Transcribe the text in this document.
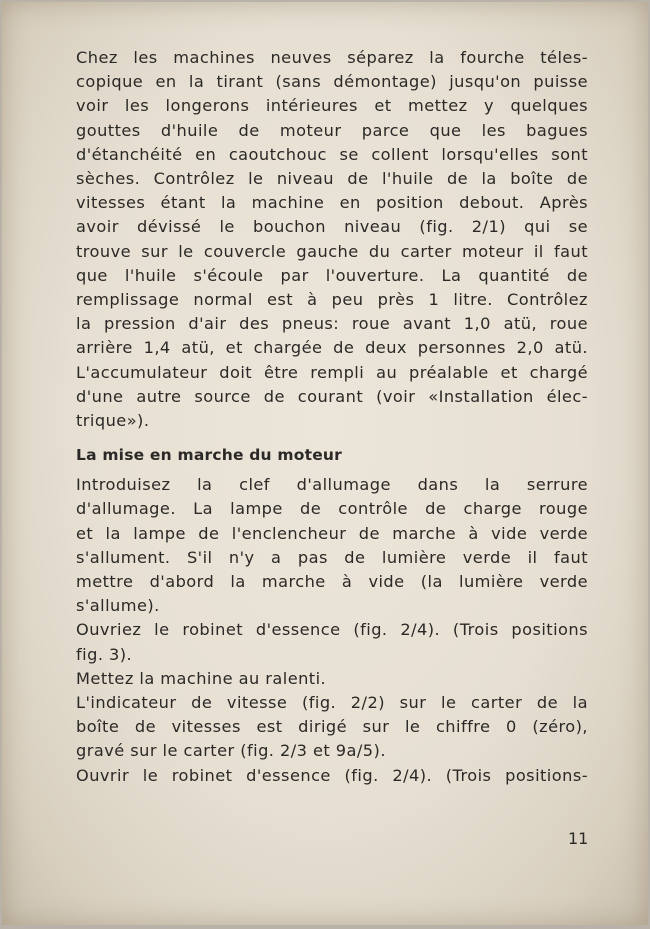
Chez les machines neuves séparez la fourche téles-

copique en la tirant (sans démontage) jusqu'on puisse

voir les longerons intérieures et mettez y quelques

gouttes d'huile de moteur parce que les bagues

d'étanchéité en caoutchouc se collent lorsqu'elles sont

sèches. Contrôlez le niveau de l'huile de la boîte de

vitesses étant la machine en position debout. Après

avoir dévissé le bouchon niveau (fig. 2/1) qui se

trouve sur le couvercle gauche du carter moteur il faut

que l'huile s'écoule par l'ouverture. La quantité de

remplissage normal est à peu près 1 litre. Contrôlez

la pression d'air des pneus: roue avant 1,0 atü, roue

arrière 1,4 atü, et chargée de deux personnes 2,0 atü.

L'accumulateur doit être rempli au préalable et chargé

d'une autre source de courant (voir «Installation élec-

trique»).

La mise en marche du moteur

Introduisez la clef d'allumage dans la serrure

d'allumage. La lampe de contrôle de charge rouge

et la lampe de l'enclencheur de marche à vide verde

s'allument. S'il n'y a pas de lumière verde il faut

mettre d'abord la marche à vide (la lumière verde

s'allume).

Ouvriez le robinet d'essence (fig. 2/4). (Trois positions

fig. 3).

Mettez la machine au ralenti.

L'indicateur de vitesse (fig. 2/2) sur le carter de la

boîte de vitesses est dirigé sur le chiffre 0 (zéro),

gravé sur le carter (fig. 2/3 et 9a/5).

Ouvrir le robinet d'essence (fig. 2/4). (Trois positions-

11
